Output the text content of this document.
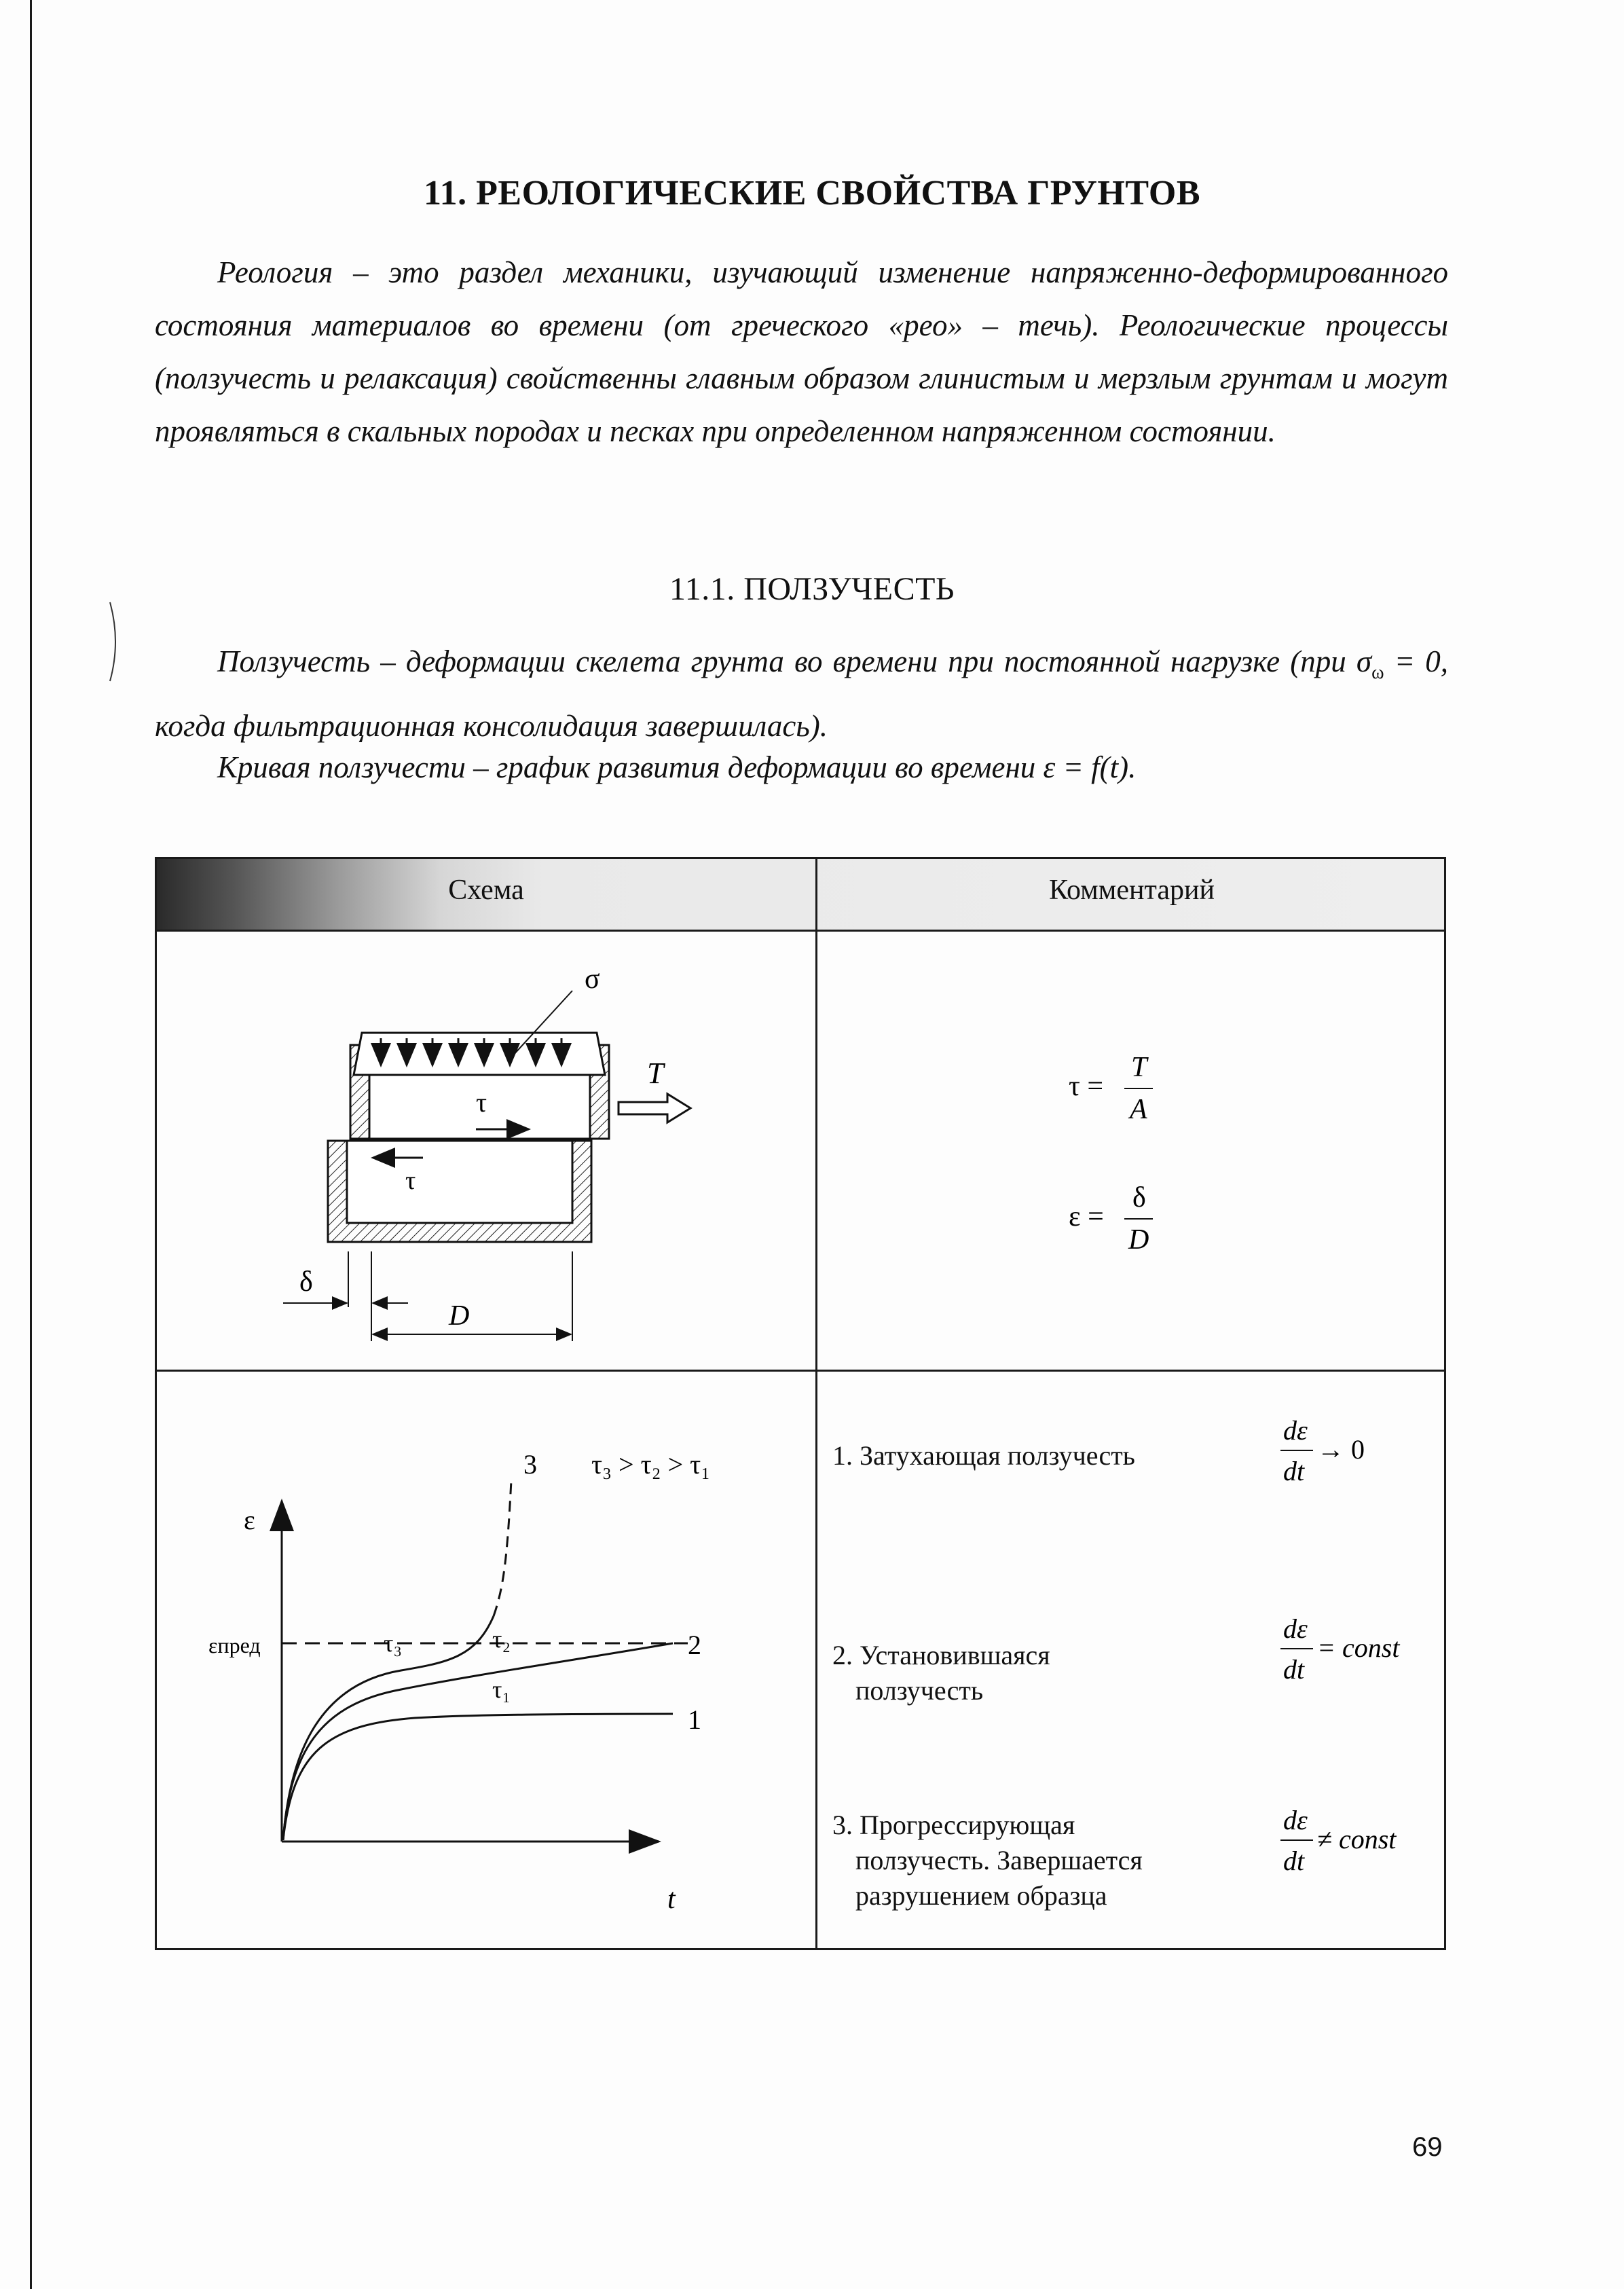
11. РЕОЛОГИЧЕСКИЕ СВОЙСТВА ГРУНТОВ
Реология – это раздел механики, изучающий изменение напряженно-деформированного состояния материалов во времени (от греческого «рео» – течь). Реологические процессы (ползучесть и релаксация) свойственны главным образом глинистым и мерзлым грунтам и могут проявляться в скальных породах и песках при определенном напряженном состоянии.
11.1. ПОЛЗУЧЕСТЬ
Ползучесть – деформации скелета грунта во времени при постоянной нагрузке (при $\sigma_\omega = 0$, когда фильтрационная консолидация завершилась).
Кривая ползучести – график развития деформации во времени ε = f(t).
Схема	Комментарий
σ
τ
τ
T
δ
D
τ =
T
A
ε =
δ
D
τ₃ > τ₂ > τ₁
ε
t
εпред
1
τ₁
2
τ₂
3
τ₃
1. Затухающая ползучесть
2. Установившаяся
ползучесть
3. Прогрессирующая
ползучесть. Завершается
разрушением образца
dε
dt
→ 0
dε
dt
= const
dε
dt
≠ const
69
